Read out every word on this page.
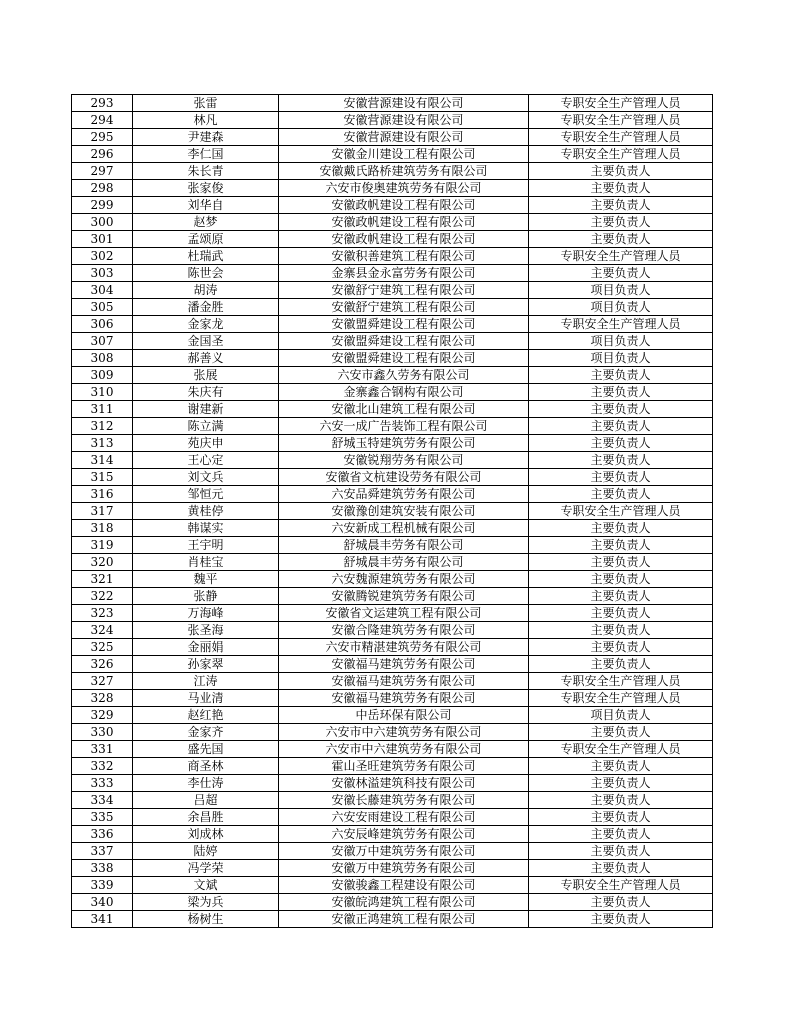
293	张雷	安徽营源建设有限公司	专职安全生产管理人员
294	林凡	安徽营源建设有限公司	专职安全生产管理人员
295	尹建森	安徽营源建设有限公司	专职安全生产管理人员
296	李仁国	安徽金川建设工程有限公司	专职安全生产管理人员
297	朱长青	安徽戴氏路桥建筑劳务有限公司	主要负责人
298	张家俊	六安市俊奥建筑劳务有限公司	主要负责人
299	刘华自	安徽政帆建设工程有限公司	主要负责人
300	赵梦	安徽政帆建设工程有限公司	主要负责人
301	孟颂原	安徽政帆建设工程有限公司	主要负责人
302	杜瑞武	安徽积善建筑工程有限公司	专职安全生产管理人员
303	陈世会	金寨县金永富劳务有限公司	主要负责人
304	胡涛	安徽舒宁建筑工程有限公司	项目负责人
305	潘金胜	安徽舒宁建筑工程有限公司	项目负责人
306	金家龙	安徽盟舜建设工程有限公司	专职安全生产管理人员
307	金国圣	安徽盟舜建设工程有限公司	项目负责人
308	郝善义	安徽盟舜建设工程有限公司	项目负责人
309	张展	六安市鑫久劳务有限公司	主要负责人
310	朱庆有	金寨鑫合钢构有限公司	主要负责人
311	谢建新	安徽北山建筑工程有限公司	主要负责人
312	陈立满	六安一成广告装饰工程有限公司	主要负责人
313	苑庆申	舒城玉特建筑劳务有限公司	主要负责人
314	王心定	安徽锐翔劳务有限公司	主要负责人
315	刘文兵	安徽省文杭建设劳务有限公司	主要负责人
316	邹恒元	六安品舜建筑劳务有限公司	主要负责人
317	黄桂停	安徽豫创建筑安装有限公司	专职安全生产管理人员
318	韩谋实	六安新成工程机械有限公司	主要负责人
319	王宇明	舒城晨丰劳务有限公司	主要负责人
320	肖桂宝	舒城晨丰劳务有限公司	主要负责人
321	魏平	六安魏源建筑劳务有限公司	主要负责人
322	张静	安徽腾锐建筑劳务有限公司	主要负责人
323	万海峰	安徽省文运建筑工程有限公司	主要负责人
324	张圣海	安徽合隆建筑劳务有限公司	主要负责人
325	金丽娟	六安市精湛建筑劳务有限公司	主要负责人
326	孙家翠	安徽福马建筑劳务有限公司	主要负责人
327	江涛	安徽福马建筑劳务有限公司	专职安全生产管理人员
328	马业清	安徽福马建筑劳务有限公司	专职安全生产管理人员
329	赵红艳	中岳环保有限公司	项目负责人
330	金家齐	六安市中六建筑劳务有限公司	主要负责人
331	盛先国	六安市中六建筑劳务有限公司	专职安全生产管理人员
332	商圣林	霍山圣旺建筑劳务有限公司	主要负责人
333	李仕涛	安徽林溢建筑科技有限公司	主要负责人
334	吕超	安徽长藤建筑劳务有限公司	主要负责人
335	余昌胜	六安安雨建设工程有限公司	主要负责人
336	刘成林	六安辰峰建筑劳务有限公司	主要负责人
337	陆婷	安徽万中建筑劳务有限公司	主要负责人
338	冯学荣	安徽万中建筑劳务有限公司	主要负责人
339	文斌	安徽骏鑫工程建设有限公司	专职安全生产管理人员
340	梁为兵	安徽皖鸿建筑工程有限公司	主要负责人
341	杨树生	安徽正鸿建筑工程有限公司	主要负责人
